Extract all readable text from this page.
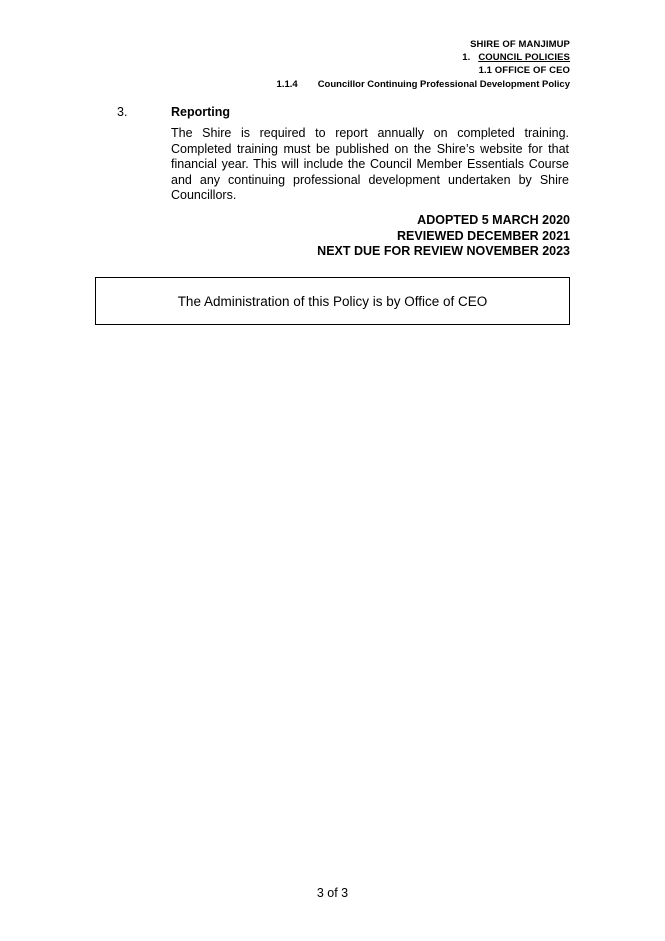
SHIRE OF MANJIMUP
1. COUNCIL POLICIES
1.1 OFFICE OF CEO
1.1.4 Councillor Continuing Professional Development Policy
3.	Reporting
The Shire is required to report annually on completed training. Completed training must be published on the Shire’s website for that financial year. This will include the Council Member Essentials Course and any continuing professional development undertaken by Shire Councillors.
ADOPTED 5 MARCH 2020
REVIEWED DECEMBER 2021
NEXT DUE FOR REVIEW NOVEMBER 2023
The Administration of this Policy is by Office of CEO
3 of 3
